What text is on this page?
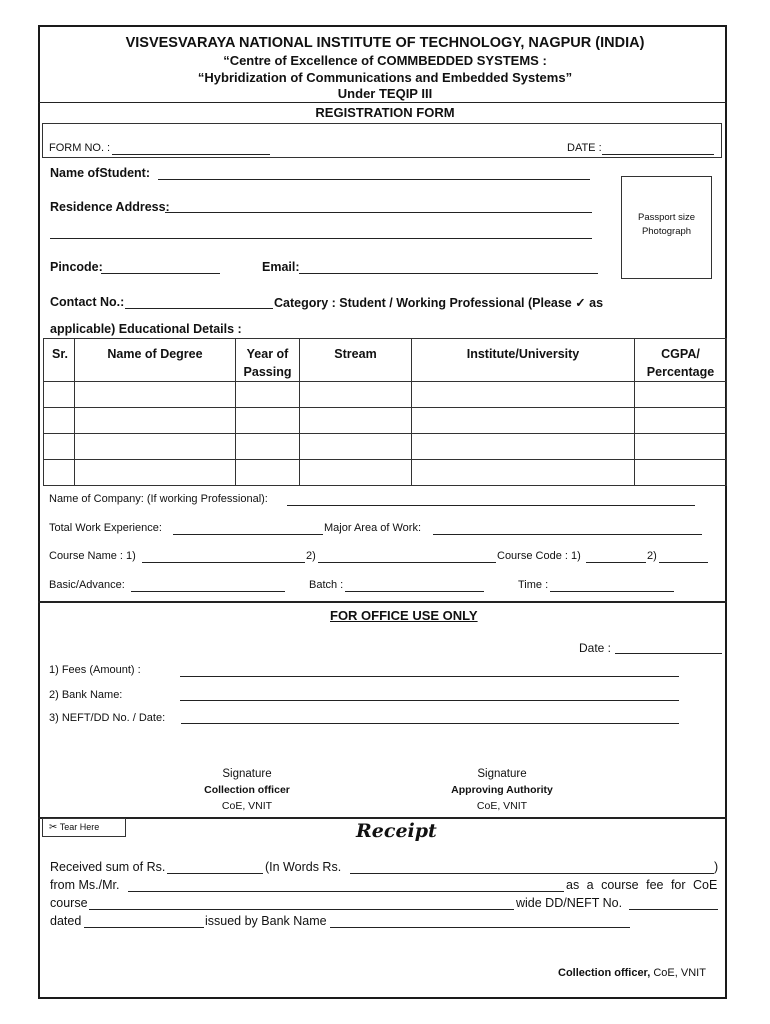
VISVESVARAYA NATIONAL INSTITUTE OF TECHNOLOGY, NAGPUR (INDIA)
“Centre of Excellence of COMMBEDDED SYSTEMS :
“Hybridization of Communications and Embedded Systems”
Under TEQIP III
REGISTRATION FORM
FORM NO. :	DATE :
Name ofStudent:
Residence Address:
Passport size
Photograph
Pincode:	Email:
Contact No.:	Category : Student / Working Professional (Please ✓ as
applicable) Educational Details :
Sr.	Name of Degree	Year of Passing	Stream	Institute/University	CGPA/ Percentage

Name of Company: (If working Professional):
Total Work Experience:	Major Area of Work:
Course Name : 1)	2)	Course Code : 1)	2)
Basic/Advance:	Batch :	Time :
FOR OFFICE USE ONLY
Date :
1) Fees (Amount) :
2) Bank Name:
3) NEFT/DD No. / Date:
Signature
Collection officer
CoE, VNIT
Signature
Approving Authority
CoE, VNIT
✂ Tear Here	Receipt
Received sum of Rs.	(In Words Rs.	)
from Ms./Mr.	as a course fee for CoE
course	wide DD/NEFT No.
dated	issued by Bank Name
Collection officer, CoE, VNIT
